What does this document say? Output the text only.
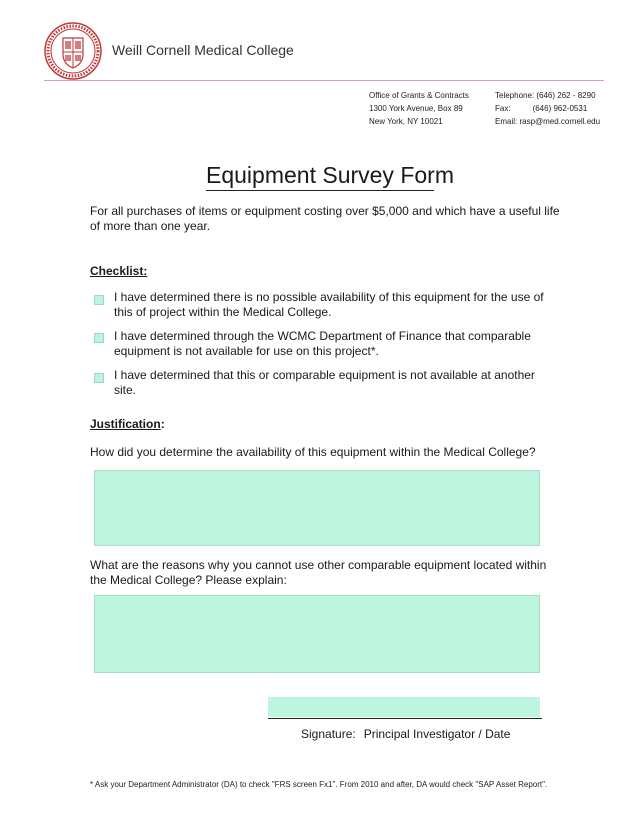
Weill Cornell Medical College
Office of Grants & Contracts
1300 York Avenue, Box 89
New York, NY 10021
Telephone: (646) 262 - 8290
Fax:	(646) 962-0531
Email: rasp@med.cornell.edu
Equipment Survey Form
For all purchases of items or equipment costing over $5,000 and which have a useful life of more than one year.
Checklist:
I have determined there is no possible availability of this equipment for the use of this of project within the Medical College.
I have determined through the WCMC Department of Finance that comparable equipment is not available for use on this project*.
I have determined that this or comparable equipment is not available at another site.
Justification:
How did you determine the availability of this equipment within the Medical College?
What are the reasons why you cannot use other comparable equipment located within the Medical College? Please explain:
Signature: Principal Investigator / Date
* Ask your Department Administrator (DA) to check "FRS screen Fx1". From 2010 and after, DA would check "SAP Asset Report".
